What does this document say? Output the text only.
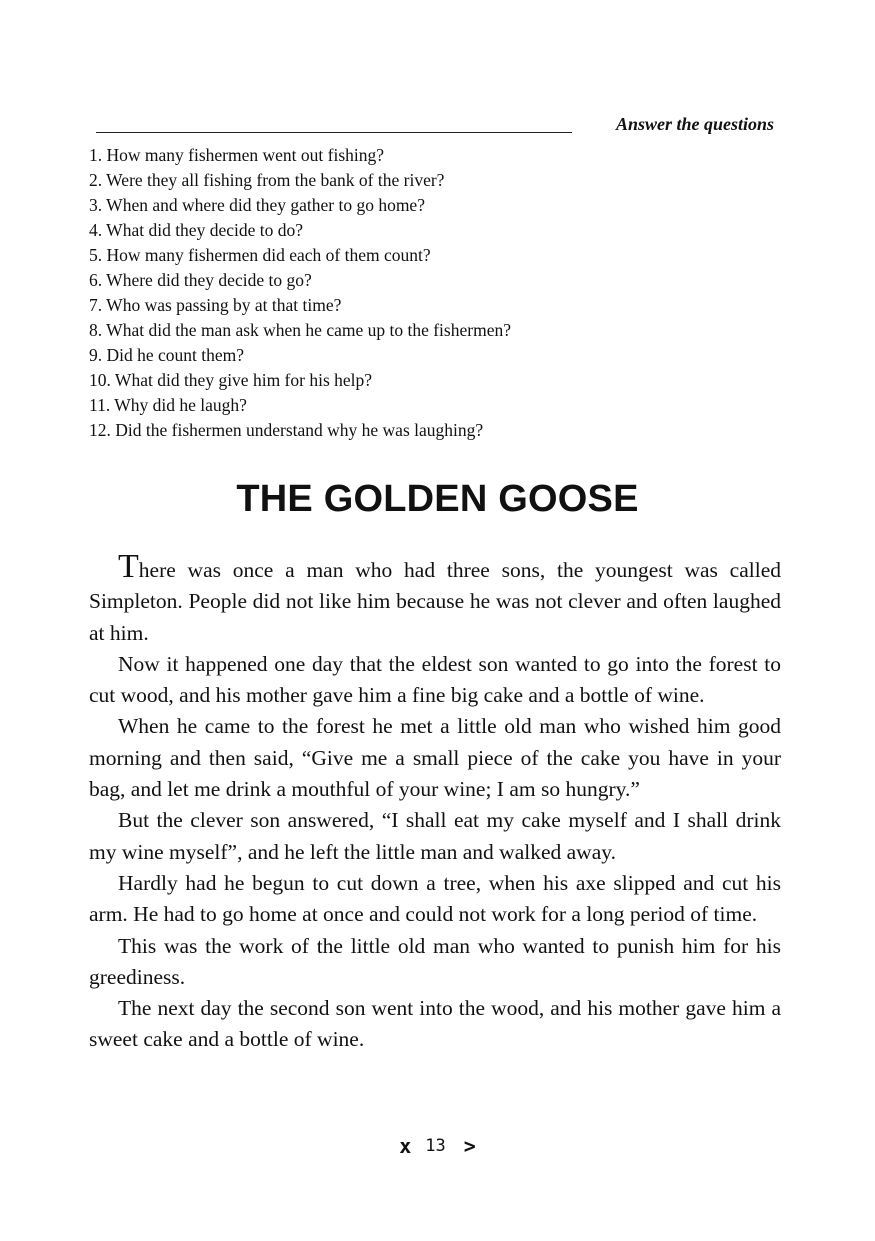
Answer the questions
1. How many fishermen went out fishing?
2. Were they all fishing from the bank of the river?
3. When and where did they gather to go home?
4. What did they decide to do?
5. How many fishermen did each of them count?
6. Where did they decide to go?
7. Who was passing by at that time?
8. What did the man ask when he came up to the fishermen?
9. Did he count them?
10. What did they give him for his help?
11. Why did he laugh?
12. Did the fishermen understand why he was laughing?
THE GOLDEN GOOSE

There was once a man who had three sons, the youngest was called Simpleton. People did not like him because he was not clever and often laughed at him.

Now it happened one day that the eldest son wanted to go into the forest to cut wood, and his mother gave him a fine big cake and a bottle of wine.

When he came to the forest he met a little old man who wished him good morning and then said, “Give me a small piece of the cake you have in your bag, and let me drink a mouthful of your wine; I am so hungry.”

But the clever son answered, “I shall eat my cake myself and I shall drink my wine myself”, and he left the little man and walked away.

Hardly had he begun to cut down a tree, when his axe slipped and cut his arm. He had to go home at once and could not work for a long period of time.

This was the work of the little old man who wanted to punish him for his greediness.

The next day the second son went into the wood, and his mother gave him a sweet cake and a bottle of wine.

x 13 >
